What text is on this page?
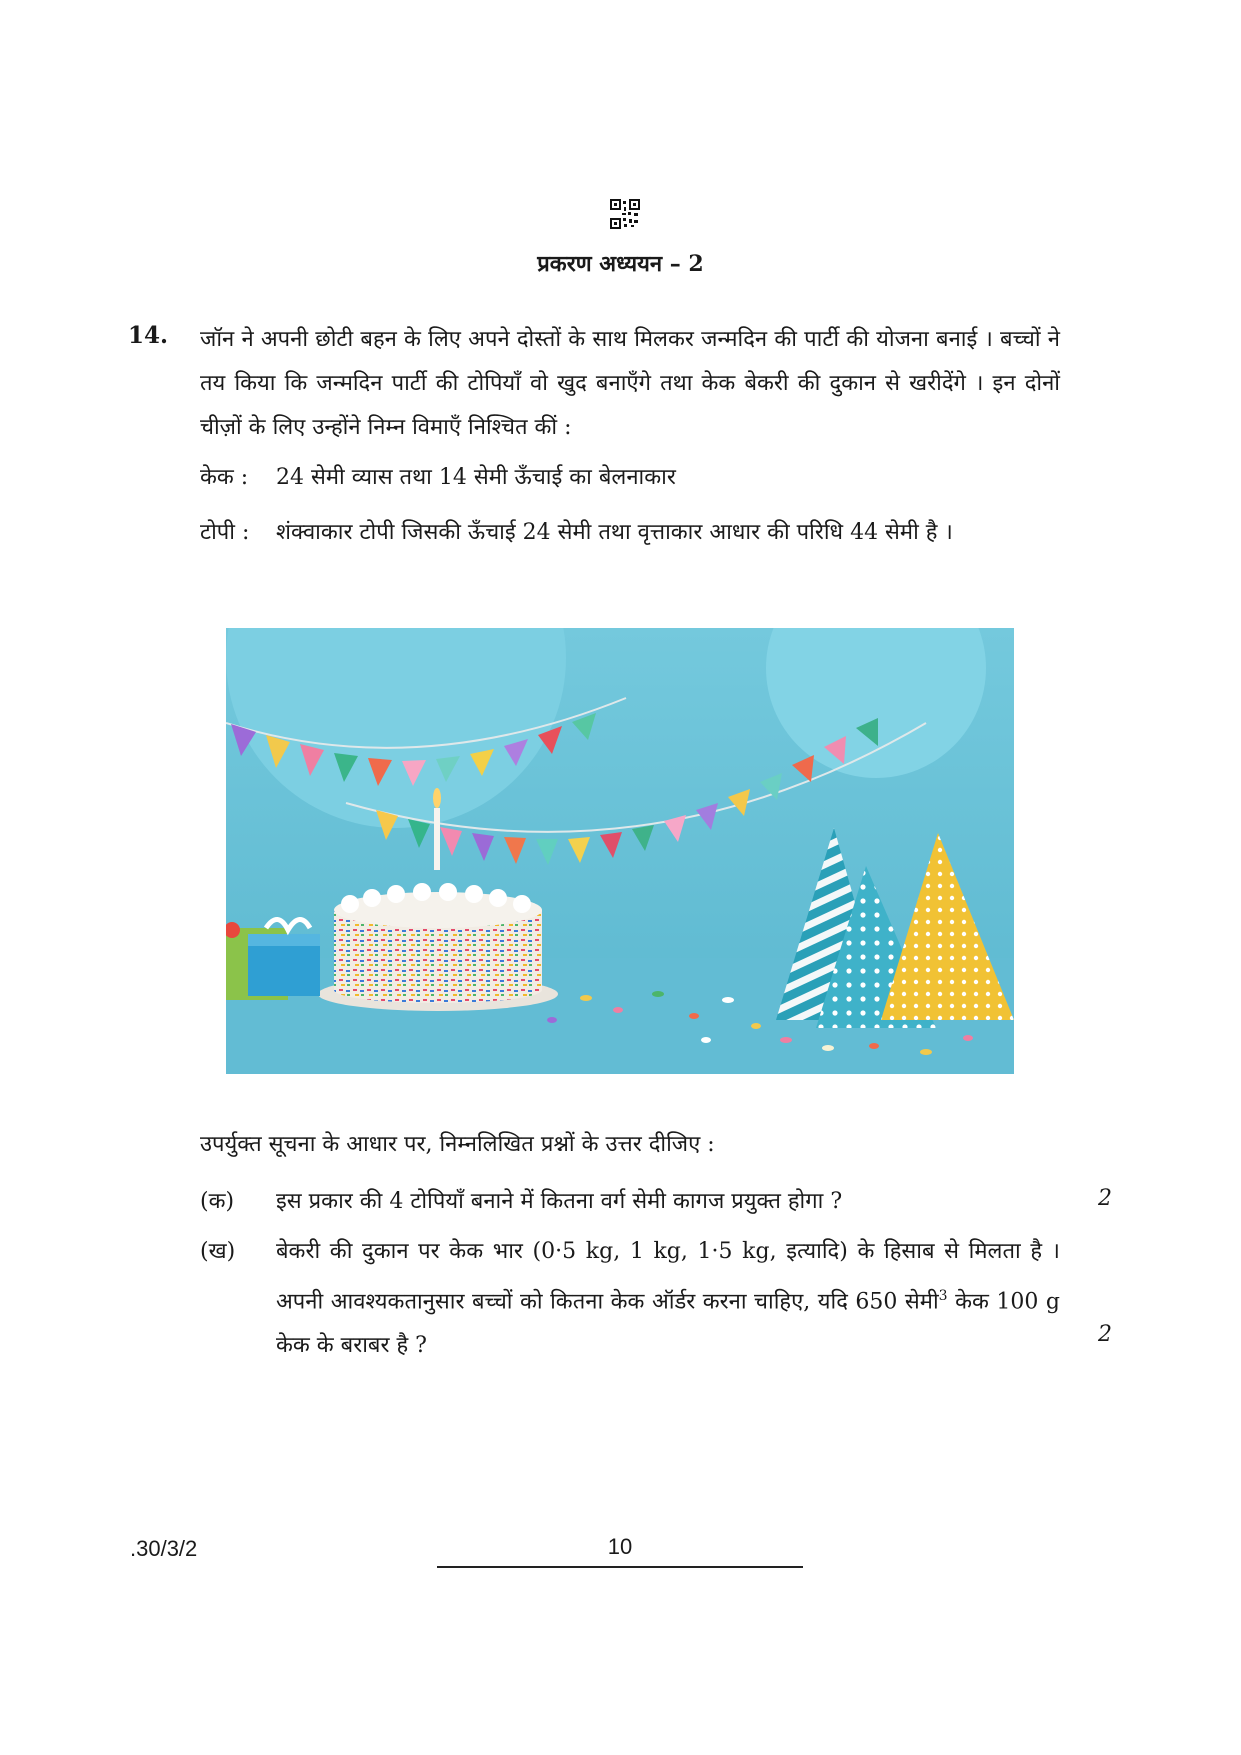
प्रकरण अध्ययन – 2
14. जॉन ने अपनी छोटी बहन के लिए अपने दोस्तों के साथ मिलकर जन्मदिन की पार्टी की योजना बनाई । बच्चों ने तय किया कि जन्मदिन पार्टी की टोपियाँ वो खुद बनाएँगे तथा केक बेकरी की दुकान से खरीदेंगे । इन दोनों चीज़ों के लिए उन्होंने निम्न विमाएँ निश्चित कीं :
केक : 24 सेमी व्यास तथा 14 सेमी ऊँचाई का बेलनाकार
टोपी :	शंक्वाकार टोपी जिसकी ऊँचाई 24 सेमी तथा वृत्ताकार आधार की परिधि 44 सेमी है ।
उपर्युक्त सूचना के आधार पर, निम्नलिखित प्रश्नों के उत्तर दीजिए :
(क)	इस प्रकार की 4 टोपियाँ बनाने में कितना वर्ग सेमी कागज प्रयुक्त होगा ?	2
(ख)	बेकरी की दुकान पर केक भार (0·5 kg, 1 kg, 1·5 kg, इत्यादि) के हिसाब से मिलता है । अपनी आवश्यकतानुसार बच्चों को कितना केक ऑर्डर करना चाहिए, यदि 650 सेमी$^3$ केक 100 g केक के बराबर है ?	2
.30/3/2	10
